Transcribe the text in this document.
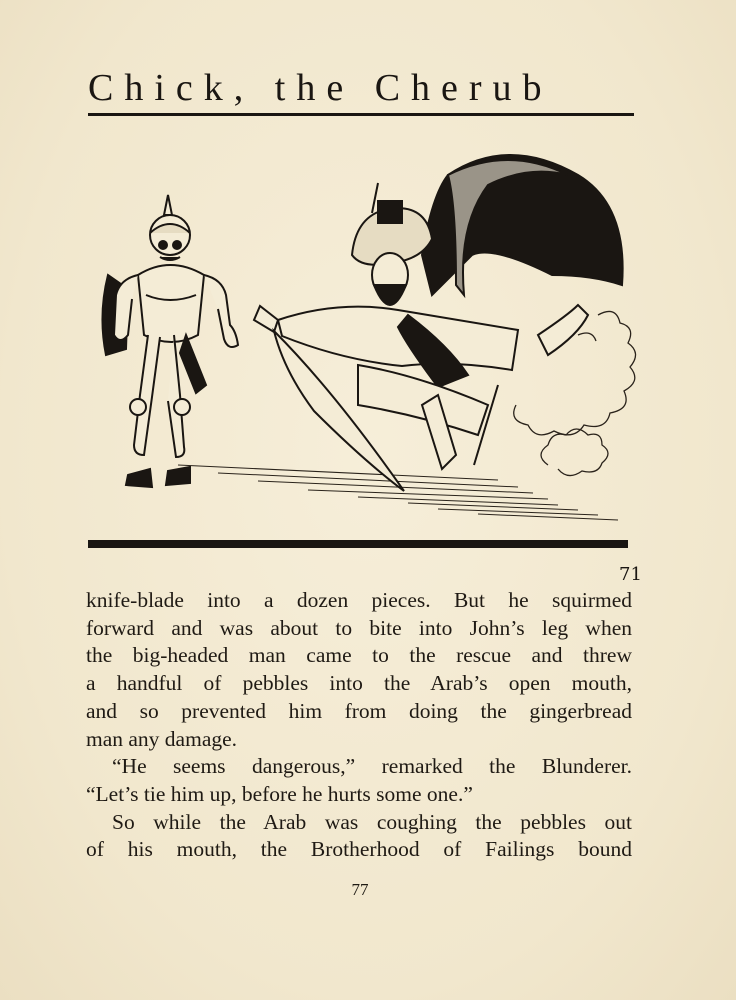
Chick, the Cherub
71

knife-blade into a dozen pieces. But he squirmed

forward and was about to bite into John’s leg when

the big-headed man came to the rescue and threw

a handful of pebbles into the Arab’s open mouth,

and so prevented him from doing the gingerbread

man any damage.

“He seems dangerous,” remarked the Blunderer.

“Let’s tie him up, before he hurts some one.”

So while the Arab was coughing the pebbles out

of his mouth, the Brotherhood of Failings bound

77
